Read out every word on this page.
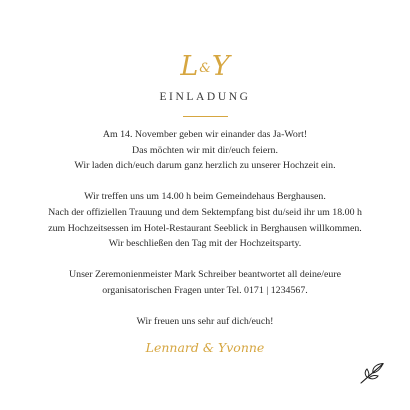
L&Y
EINLADUNG
Am 14. November geben wir einander das Ja-Wort!
Das möchten wir mit dir/euch feiern.
Wir laden dich/euch darum ganz herzlich zu unserer Hochzeit ein.
Wir treffen uns um 14.00 h beim Gemeindehaus Berghausen.
Nach der offiziellen Trauung und dem Sektempfang bist du/seid ihr um 18.00 h
zum Hochzeitsessen im Hotel-Restaurant Seeblick in Berghausen willkommen.
Wir beschließen den Tag mit der Hochzeitsparty.
Unser Zeremonienmeister Mark Schreiber beantwortet all deine/eure
organisatorischen Fragen unter Tel. 0171 | 1234567.
Wir freuen uns sehr auf dich/euch!
Lennard & Yvonne
